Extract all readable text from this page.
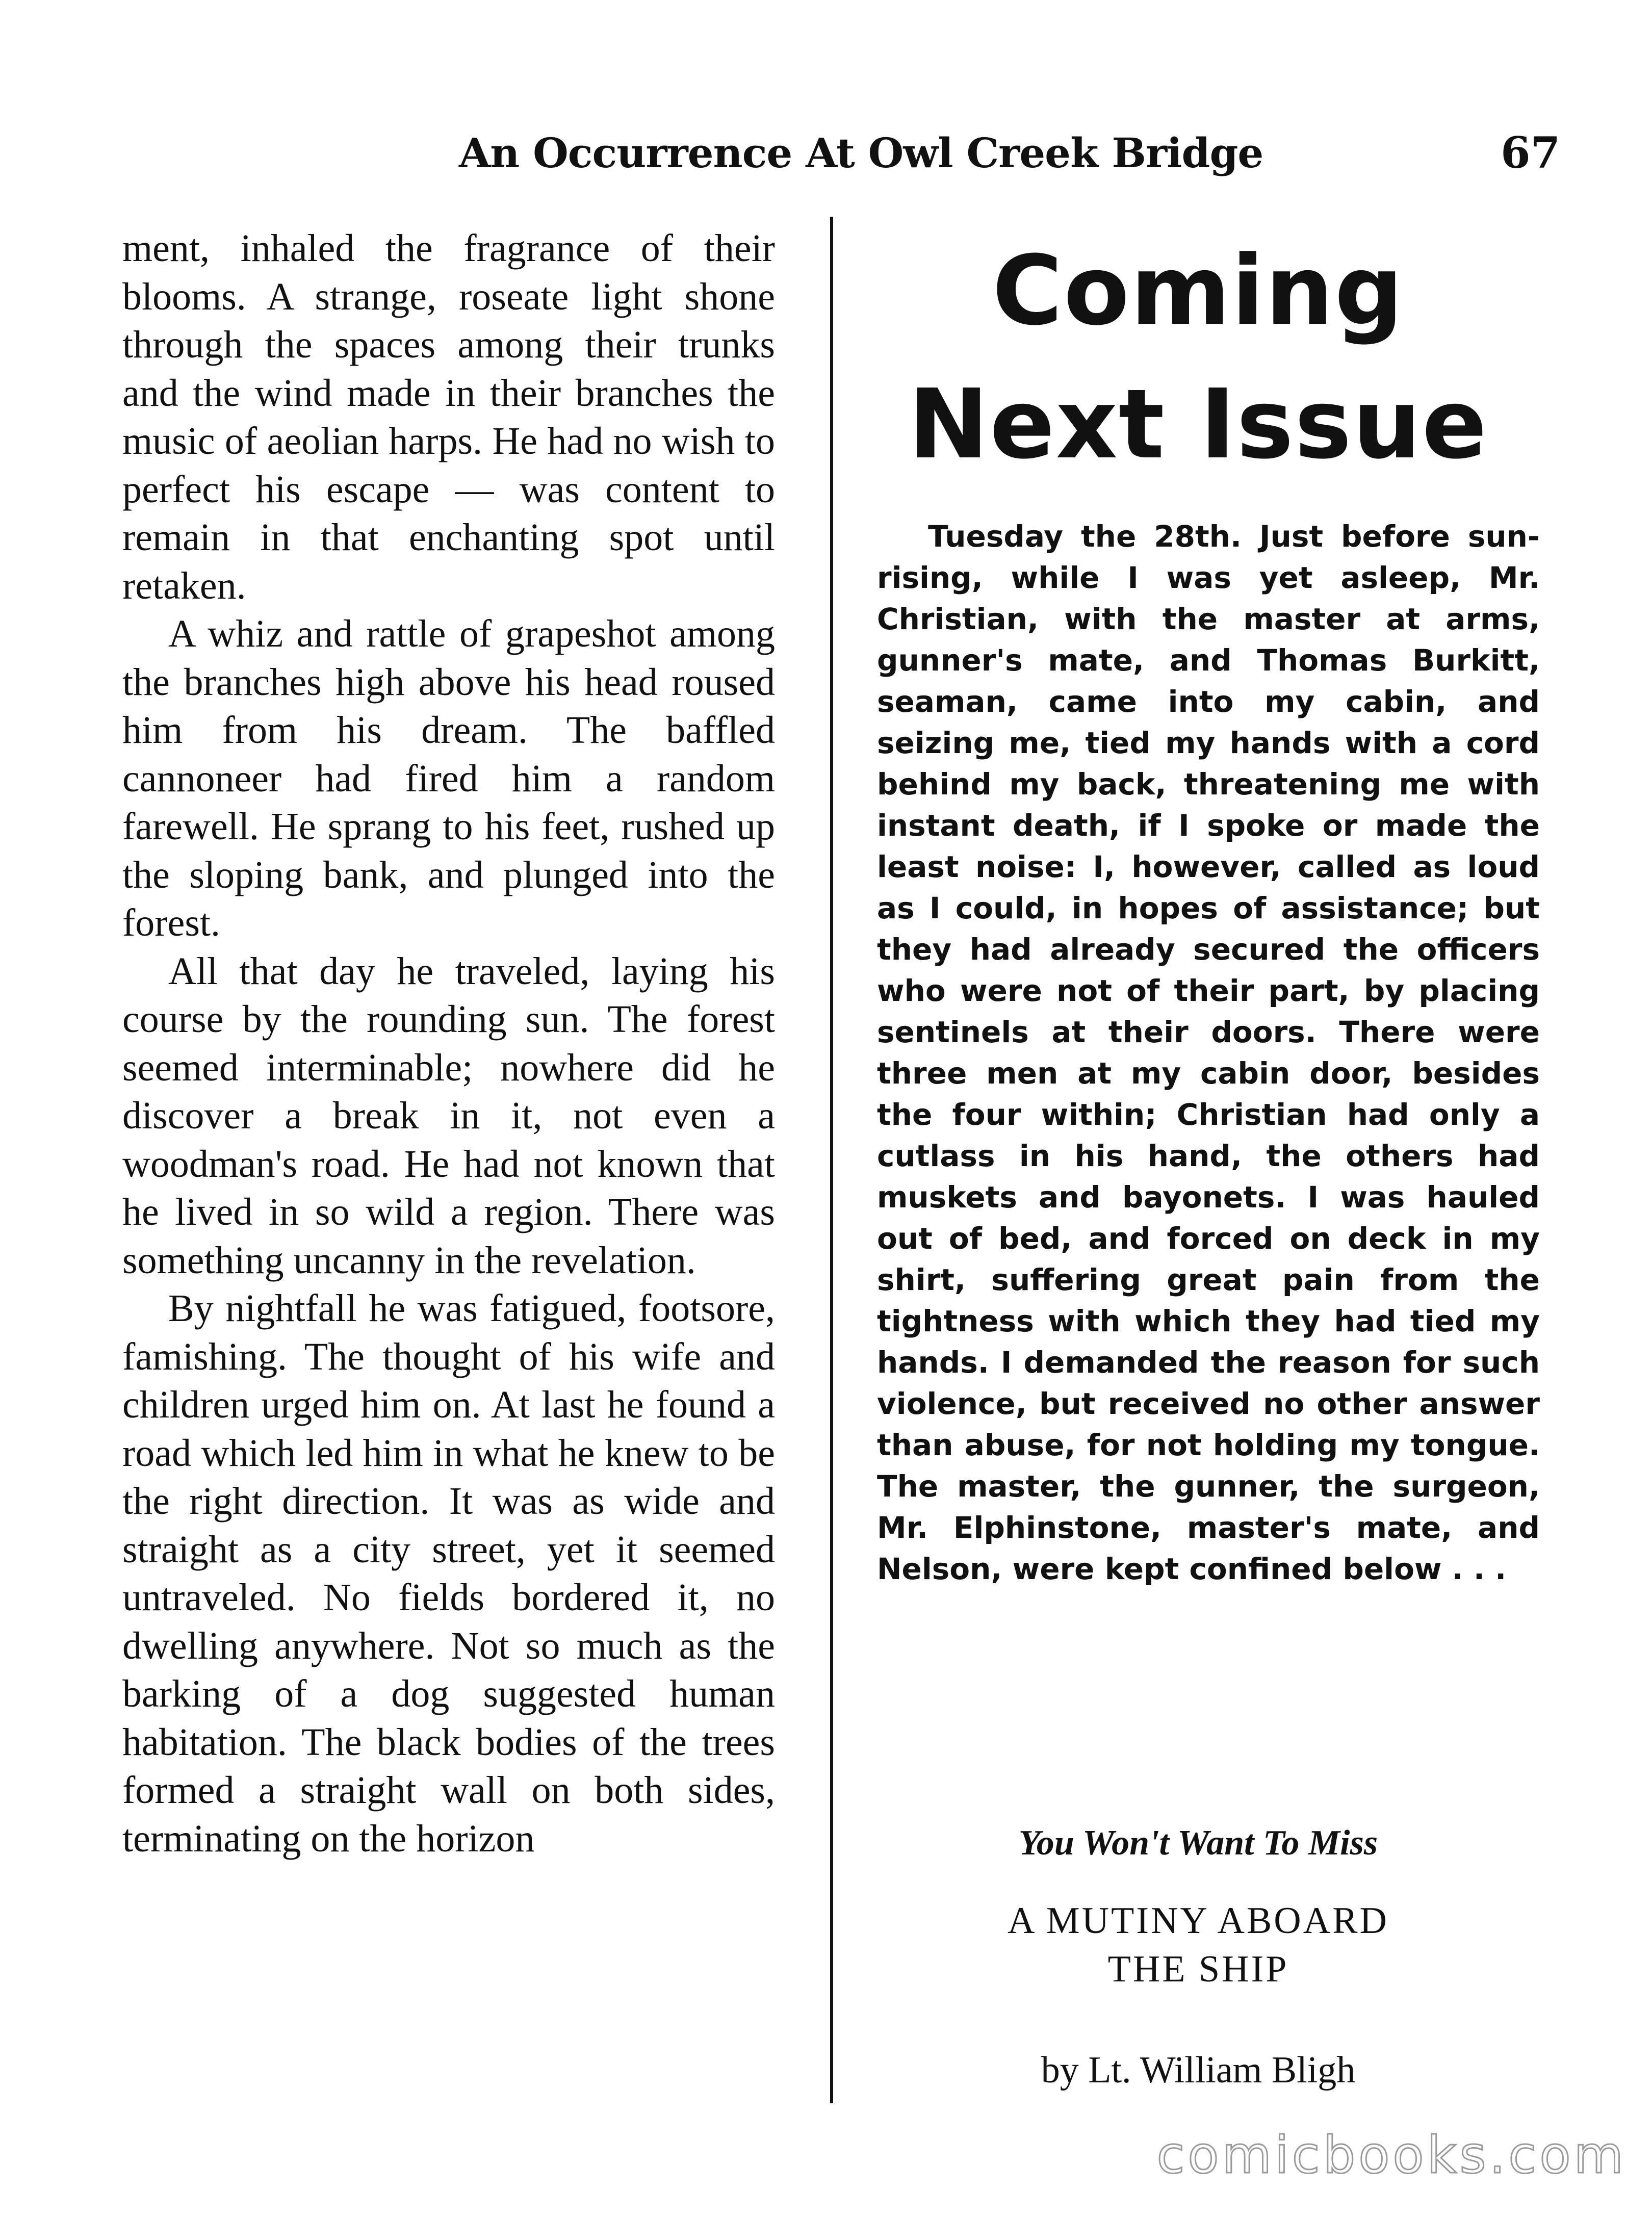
An Occurrence At Owl Creek Bridge	67

ment, inhaled the fragrance of their blooms. A strange, roseate light shone through the spaces among their trunks and the wind made in their branches the music of aeolian harps. He had no wish to perfect his escape — was content to remain in that enchanting spot until retaken.

A whiz and rattle of grapeshot among the branches high above his head roused him from his dream. The baffled cannoneer had fired him a random farewell. He sprang to his feet, rushed up the sloping bank, and plunged into the forest.

All that day he traveled, laying his course by the rounding sun. The forest seemed interminable; nowhere did he discover a break in it, not even a woodman's road. He had not known that he lived in so wild a region. There was something uncanny in the revelation.

By nightfall he was fatigued, footsore, famishing. The thought of his wife and children urged him on. At last he found a road which led him in what he knew to be the right direction. It was as wide and straight as a city street, yet it seemed untraveled. No fields bordered it, no dwelling anywhere. Not so much as the barking of a dog suggested human habitation. The black bodies of the trees formed a straight wall on both sides, terminating on the horizon

Coming
Next Issue

Tuesday the 28th. Just before sun-rising, while I was yet asleep, Mr. Christian, with the master at arms, gunner's mate, and Thomas Burkitt, seaman, came into my cabin, and seizing me, tied my hands with a cord behind my back, threatening me with instant death, if I spoke or made the least noise: I, however, called as loud as I could, in hopes of assistance; but they had already secured the officers who were not of their part, by placing sentinels at their doors. There were three men at my cabin door, besides the four within; Christian had only a cutlass in his hand, the others had muskets and bayonets. I was hauled out of bed, and forced on deck in my shirt, suffering great pain from the tightness with which they had tied my hands. I demanded the reason for such violence, but received no other answer than abuse, for not holding my tongue. The master, the gunner, the surgeon, Mr. Elphinstone, master's mate, and Nelson, were kept confined below . . .

You Won't Want To Miss

A MUTINY ABOARD
THE SHIP

by Lt. William Bligh

comicbooks.com
